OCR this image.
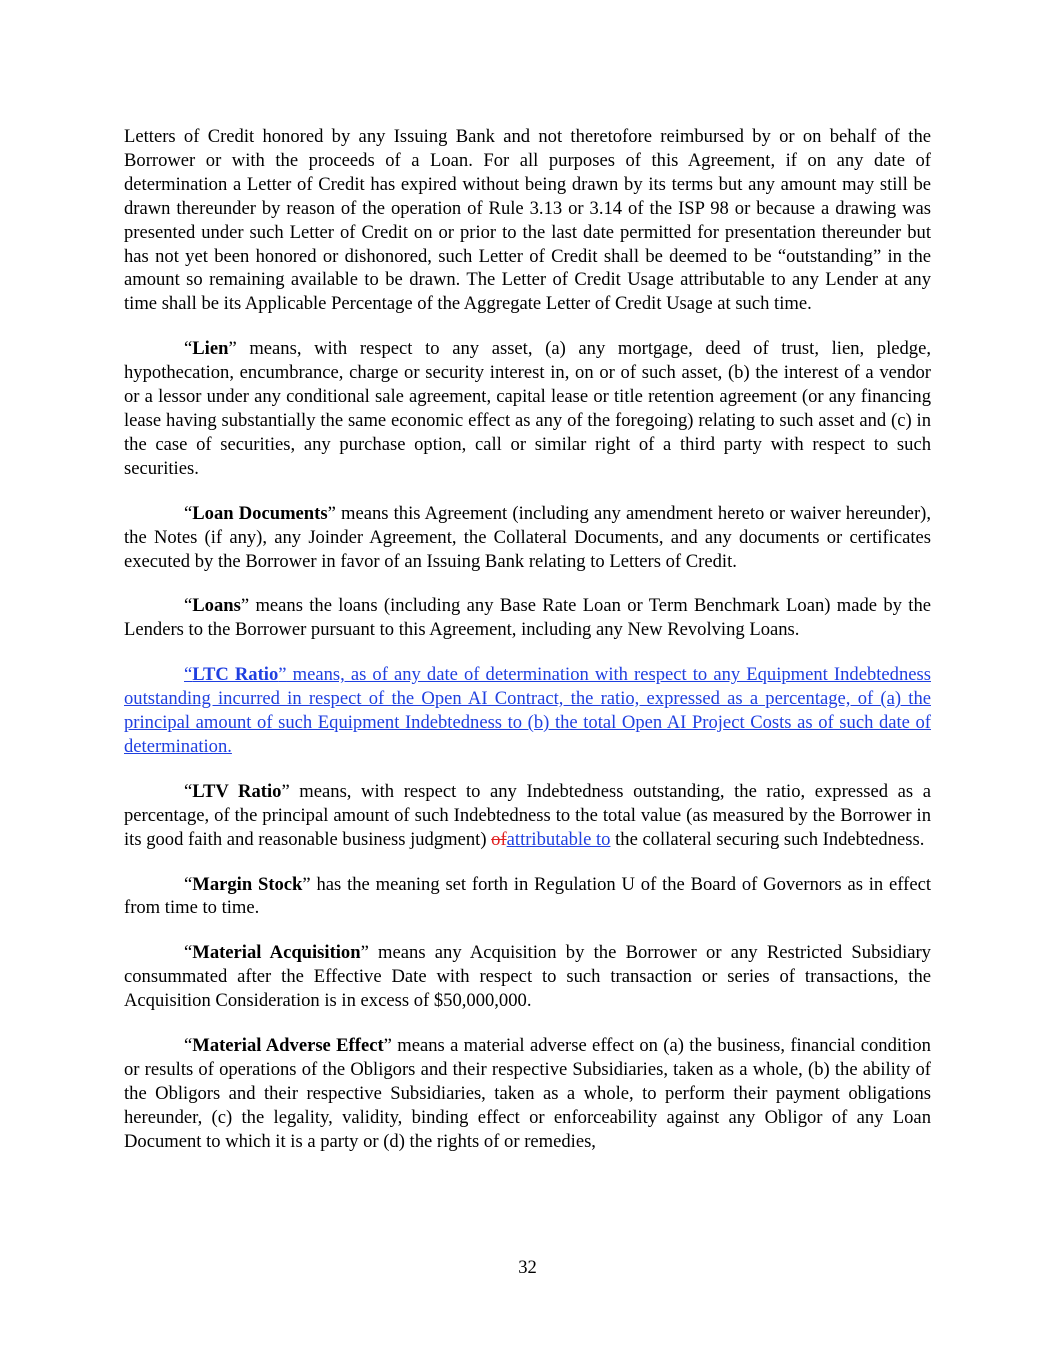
Letters of Credit honored by any Issuing Bank and not theretofore reimbursed by or on behalf of the Borrower or with the proceeds of a Loan. For all purposes of this Agreement, if on any date of determination a Letter of Credit has expired without being drawn by its terms but any amount may still be drawn thereunder by reason of the operation of Rule 3.13 or 3.14 of the ISP 98 or because a drawing was presented under such Letter of Credit on or prior to the last date permitted for presentation thereunder but has not yet been honored or dishonored, such Letter of Credit shall be deemed to be “outstanding” in the amount so remaining available to be drawn. The Letter of Credit Usage attributable to any Lender at any time shall be its Applicable Percentage of the Aggregate Letter of Credit Usage at such time.

“Lien” means, with respect to any asset, (a) any mortgage, deed of trust, lien, pledge, hypothecation, encumbrance, charge or security interest in, on or of such asset, (b) the interest of a vendor or a lessor under any conditional sale agreement, capital lease or title retention agreement (or any financing lease having substantially the same economic effect as any of the foregoing) relating to such asset and (c) in the case of securities, any purchase option, call or similar right of a third party with respect to such securities.

“Loan Documents” means this Agreement (including any amendment hereto or waiver hereunder), the Notes (if any), any Joinder Agreement, the Collateral Documents, and any documents or certificates executed by the Borrower in favor of an Issuing Bank relating to Letters of Credit.

“Loans” means the loans (including any Base Rate Loan or Term Benchmark Loan) made by the Lenders to the Borrower pursuant to this Agreement, including any New Revolving Loans.

“LTC Ratio” means, as of any date of determination with respect to any Equipment Indebtedness outstanding incurred in respect of the Open AI Contract, the ratio, expressed as a percentage, of (a) the principal amount of such Equipment Indebtedness to (b) the total Open AI Project Costs as of such date of determination.

“LTV Ratio” means, with respect to any Indebtedness outstanding, the ratio, expressed as a percentage, of the principal amount of such Indebtedness to the total value (as measured by the Borrower in its good faith and reasonable business judgment) ofattributable to the collateral securing such Indebtedness.

“Margin Stock” has the meaning set forth in Regulation U of the Board of Governors as in effect from time to time.

“Material Acquisition” means any Acquisition by the Borrower or any Restricted Subsidiary consummated after the Effective Date with respect to such transaction or series of transactions, the Acquisition Consideration is in excess of $50,000,000.

“Material Adverse Effect” means a material adverse effect on (a) the business, financial condition or results of operations of the Obligors and their respective Subsidiaries, taken as a whole, (b) the ability of the Obligors and their respective Subsidiaries, taken as a whole, to perform their payment obligations hereunder, (c) the legality, validity, binding effect or enforceability against any Obligor of any Loan Document to which it is a party or (d) the rights of or remedies,

32
